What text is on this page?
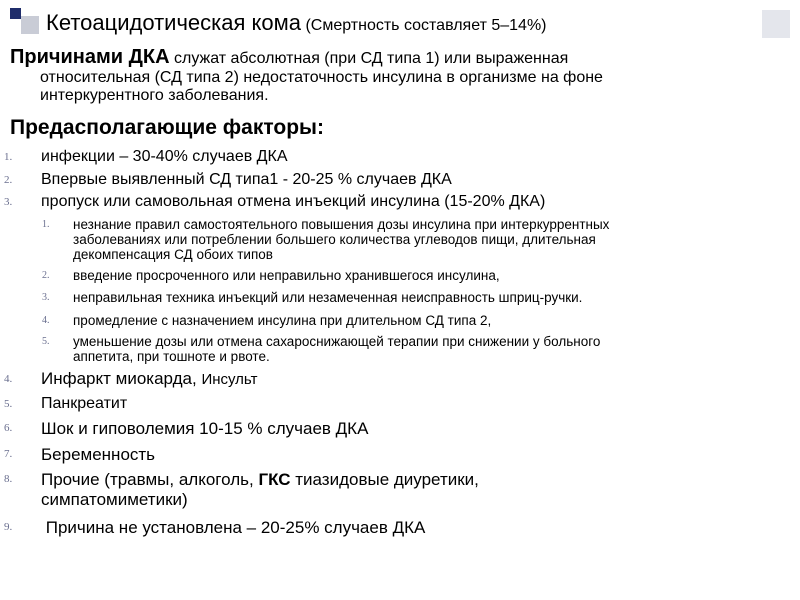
Кетоацидотическая кома (Смертность составляет 5–14%)
Причинами ДКА служат абсолютная (при СД типа 1) или выраженная
относительная (СД типа 2) недостаточность инсулина в организме на фоне
интеркурентного заболевания.
Предасполагающие факторы:
1. инфекции – 30-40% случаев ДКА
2. Впервые выявленный СД типа1 - 20-25 % случаев ДКА
3. пропуск или самовольная отмена инъекций инсулина (15-20% ДКА)
1. незнание правил самостоятельного повышения дозы инсулина при интеркуррентных
заболеваниях или потреблении большего количества углеводов пищи, длительная
декомпенсация СД обоих типов
2. введение просроченного или неправильно хранившегося инсулина,
3. неправильная техника инъекций или незамеченная неисправность шприц-ручки.
4. промедление с назначением инсулина при длительном СД типа 2,
5. уменьшение дозы или отмена сахароснижающей терапии при снижении у больного
аппетита, при тошноте и рвоте.
4. Инфаркт миокарда, Инсульт
5. Панкреатит
6. Шок и гиповолемия 10-15 % случаев ДКА
7. Беременность
8. Прочие (травмы, алкоголь, ГКС тиазидовые диуретики,
симпатомиметики)
9. Причина не установлена – 20-25% случаев ДКА
